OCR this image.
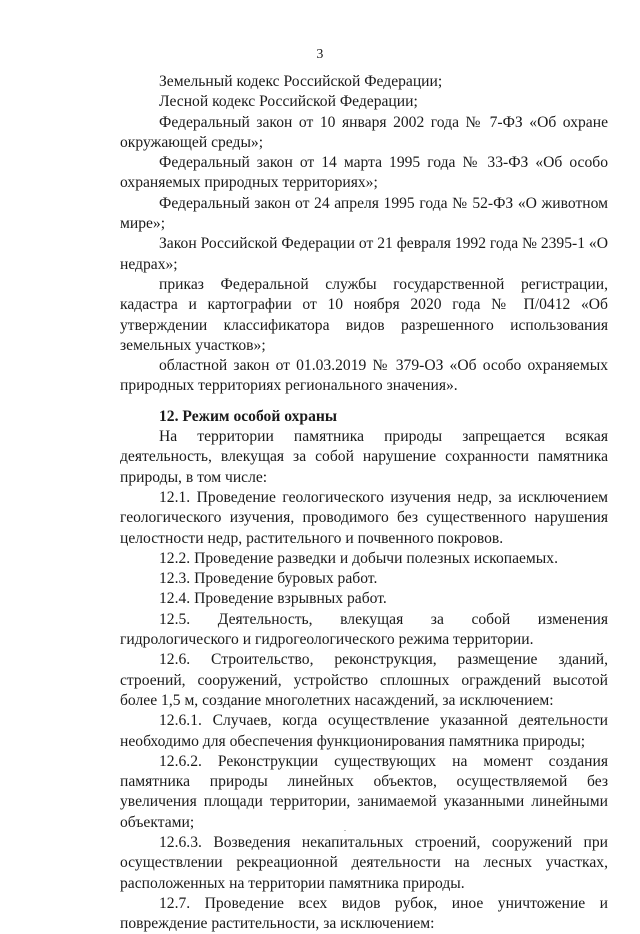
3

Земельный кодекс Российской Федерации;

Лесной кодекс Российской Федерации;

Федеральный закон от 10 января 2002 года № 7-ФЗ «Об охране окружающей среды»;

Федеральный закон от 14 марта 1995 года № 33-ФЗ «Об особо охраняемых природных территориях»;

Федеральный закон от 24 апреля 1995 года № 52-ФЗ «О животном мире»;

Закон Российской Федерации от 21 февраля 1992 года № 2395-1 «О недрах»;

приказ Федеральной службы государственной регистрации, кадастра и картографии от 10 ноября 2020 года № П/0412 «Об утверждении классификатора видов разрешенного использования земельных участков»;

областной закон от 01.03.2019 № 379-ОЗ «Об особо охраняемых природных территориях регионального значения».

12. Режим особой охраны

На территории памятника природы запрещается всякая деятельность, влекущая за собой нарушение сохранности памятника природы, в том числе:

12.1. Проведение геологического изучения недр, за исключением геологического изучения, проводимого без существенного нарушения целостности недр, растительного и почвенного покровов.

12.2. Проведение разведки и добычи полезных ископаемых.

12.3. Проведение буровых работ.

12.4. Проведение взрывных работ.

12.5. Деятельность, влекущая за собой изменения гидрологического и гидрогеологического режима территории.

12.6. Строительство, реконструкция, размещение зданий, строений, сооружений, устройство сплошных ограждений высотой более 1,5 м, создание многолетних насаждений, за исключением:

12.6.1. Случаев, когда осуществление указанной деятельности необходимо для обеспечения функционирования памятника природы;

12.6.2. Реконструкции существующих на момент создания памятника природы линейных объектов, осуществляемой без увеличения площади территории, занимаемой указанными линейными объектами;

12.6.3. Возведения некапитальных строений, сооружений при осуществлении рекреационной деятельности на лесных участках, расположенных на территории памятника природы.

12.7. Проведение всех видов рубок, иное уничтожение и повреждение растительности, за исключением:
